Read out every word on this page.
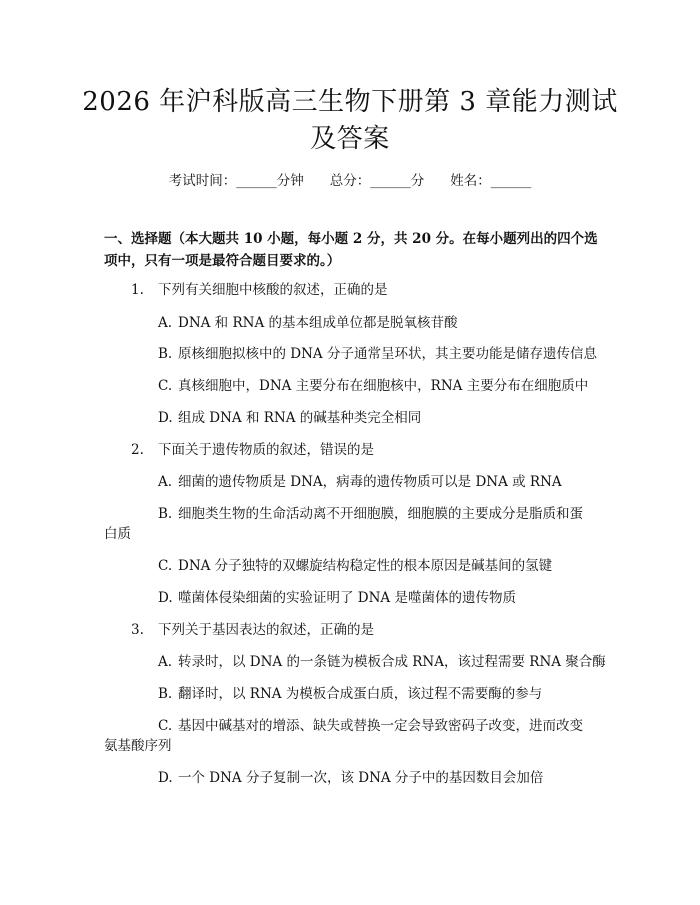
2026 年沪科版高三生物下册第 3 章能力测试
及答案
考试时间：______分钟 总分：______分 姓名：______
一、选择题（本大题共 10 小题，每小题 2 分，共 20 分。在每小题列出的四个选项中，只有一项是最符合题目要求的。）
1. 下列有关细胞中核酸的叙述，正确的是
A. DNA 和 RNA 的基本组成单位都是脱氧核苷酸
B. 原核细胞拟核中的 DNA 分子通常呈环状，其主要功能是储存遗传信息
C. 真核细胞中，DNA 主要分布在细胞核中，RNA 主要分布在细胞质中
D. 组成 DNA 和 RNA 的碱基种类完全相同
2. 下面关于遗传物质的叙述，错误的是
A. 细菌的遗传物质是 DNA，病毒的遗传物质可以是 DNA 或 RNA
B. 细胞类生物的生命活动离不开细胞膜，细胞膜的主要成分是脂质和蛋
白质
C. DNA 分子独特的双螺旋结构稳定性的根本原因是碱基间的氢键
D. 噬菌体侵染细菌的实验证明了 DNA 是噬菌体的遗传物质
3. 下列关于基因表达的叙述，正确的是
A. 转录时，以 DNA 的一条链为模板合成 RNA，该过程需要 RNA 聚合酶
B. 翻译时，以 RNA 为模板合成蛋白质，该过程不需要酶的参与
C. 基因中碱基对的增添、缺失或替换一定会导致密码子改变，进而改变
氨基酸序列
D. 一个 DNA 分子复制一次，该 DNA 分子中的基因数目会加倍
